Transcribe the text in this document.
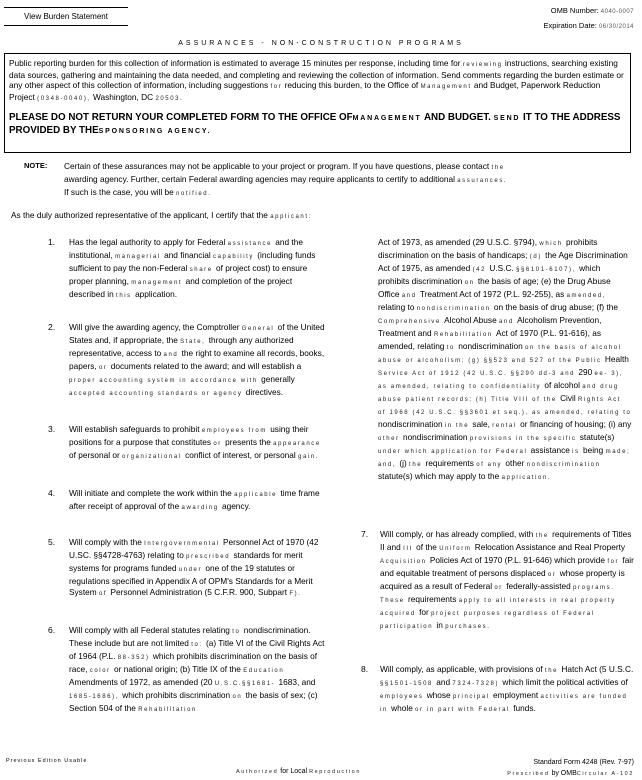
View Burden Statement
OMB Number: 4040-0007
Expiration Date: 06/30/2014
ASSURANCES - NON-CONSTRUCTION PROGRAMS

Public reporting burden for this collection of information is estimated to average 15 minutes per response, including time for reviewing instructions, searching existing data sources, gathering and maintaining the data needed, and completing and reviewing the collection of information. Send comments regarding the burden estimate or any other aspect of this collection of information, including suggestions for reducing this burden, to the Office of Management and Budget, Paperwork Reduction Project (0348-0040), Washington, DC 20503.

PLEASE DO NOT RETURN YOUR COMPLETED FORM TO THE OFFICE OFMANAGEMENT AND BUDGET. SEND IT TO THE ADDRESS PROVIDED BY THESPONSORING AGENCY.

NOTE: Certain of these assurances may not be applicable to your project or program. If you have questions, please contact the
awarding agency. Further, certain Federal awarding agencies may require applicants to certify to additional assurances.
If such is the case, you will be notified.
As the duly authorized representative of the applicant, I certify that the applicant:
1. Has the legal authority to apply for Federal assistance and the institutional, managerial and financial capability (including funds sufficient to pay the non-Federal share of project cost) to ensure proper planning, management and completion of the project described in this application.
2. Will give the awarding agency, the Comptroller General of the United States and, if appropriate, the State, through any authorized representative, access to and the right to examine all records, books, papers, or documents related to the award; and will establish a proper accounting system in accordance with generally accepted accounting standards or agency directives.
3. Will establish safeguards to prohibit employees from using their positions for a purpose that constitutes or presents the appearance of personal or organizational conflict of interest, or personal gain.
4. Will initiate and complete the work within the applicable time frame after receipt of approval of the awarding agency.
5. Will comply with the Intergovernmental Personnel Act of 1970 (42 U.SC. §§4728-4763) relating to prescribed standards for merit systems for programs funded under one of the 19 statutes or regulations specified in Appendix A of OPM's Standards for a Merit System of Personnel Administration (5 C.F.R. 900, Subpart F).
6. Will comply with all Federal statutes relating to nondiscrimination. These include but are not limited to: (a) Title VI of the Civil Rights Act of 1964 (P.L. 88-352) which prohibits discrimination on the basis of race, color or national origin; (b) Title IX of the Education Amendments of 1972, as amended (20 U.S.C.§§1681- 1683, and 1685-1686), which prohibits discrimination on the basis of sex; (c) Section 504 of the Rehabilitation
Act of 1973, as amended (29 U.S.C. §794), which prohibits discrimination on the basis of handicaps; (d) the Age Discrimination Act of 1975, as amended (42 U.S.C. §§6101-6107), which prohibits discrimination on the basis of age; (e) the Drug Abuse Office and Treatment Act of 1972 (P.L. 92-255), as amended, relating to nondiscrimination on the basis of drug abuse; (f) the Comprehensive Alcohol Abuse and Alcoholism Prevention, Treatment and Rehabilitation Act of 1970 (P.L. 91-616), as amended, relating to nondiscrimination on the basis of alcohol abuse or alcoholism; (g) §§523 and 527 of the Public Health Service Act of 1912 (42 U.S.C. §§290 dd-3 and 290 ee- 3), as amended, relating to confidentiality of alcohol and drug abuse patient records; (h) Title VIII of the Civil Rights Act of 1968 (42 U.S.C. §§3601 et seq.), as amended, relating to nondiscrimination in the sale, rental or financing of housing; (i) any other nondiscrimination provisions in the specific statute(s) under which application for Federal assistance is being made; and, (j) the requirements of any other nondiscrimination statute(s) which may apply to the application.
7. Will comply, or has already complied, with the requirements of Titles II and III of the Uniform Relocation Assistance and Real Property Acquisition Policies Act of 1970 (P.L. 91-646) which provide for fair and equitable treatment of persons displaced or whose property is acquired as a result of Federal or federally-assisted programs. These requirements apply to all interests in real property acquired for project purposes regardless of Federal participation in purchases.
8. Will comply, as applicable, with provisions of the Hatch Act (5 U.S.C. §§1501-1508 and 7324-7328) which limit the political activities of employees whose principal employment activities are funded in whole or in part with Federal funds.
Previous Edition Usable
Authorized for Local Reproduction
Standard Form 4248 (Rev. 7-97)
Prescribed by OMBCircular A-102
